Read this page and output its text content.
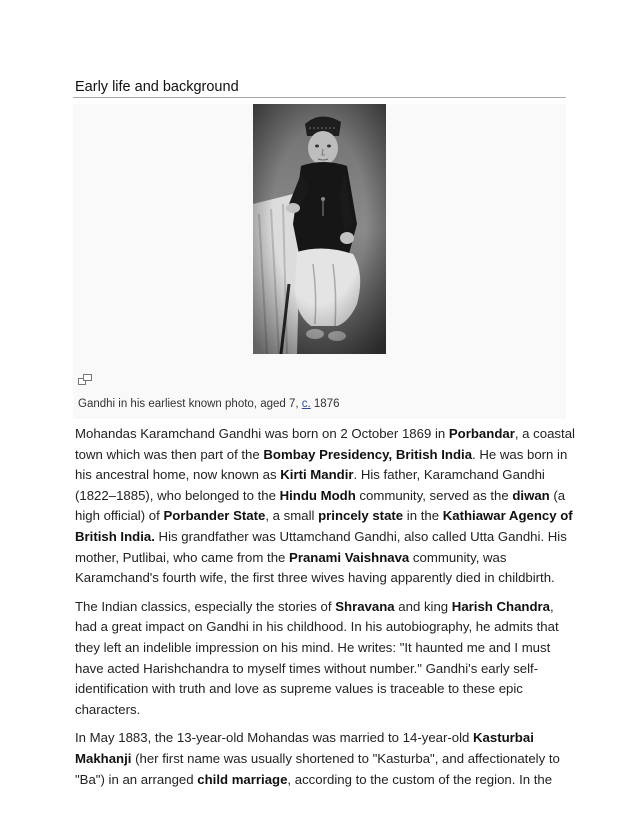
Early life and background
Gandhi in his earliest known photo, aged 7, c. 1876

Mohandas Karamchand Gandhi was born on 2 October 1869 in Porbandar, a coastal town which was then part of the Bombay Presidency, British India. He was born in his ancestral home, now known as Kirti Mandir. His father, Karamchand Gandhi (1822–1885), who belonged to the Hindu Modh community, served as the diwan (a high official) of Porbander State, a small princely state in the Kathiawar Agency of British India. His grandfather was Uttamchand Gandhi, also called Utta Gandhi. His mother, Putlibai, who came from the Pranami Vaishnava community, was Karamchand's fourth wife, the first three wives having apparently died in childbirth.

The Indian classics, especially the stories of Shravana and king Harish Chandra, had a great impact on Gandhi in his childhood. In his autobiography, he admits that they left an indelible impression on his mind. He writes: "It haunted me and I must have acted Harishchandra to myself times without number." Gandhi's early self-identification with truth and love as supreme values is traceable to these epic characters.

In May 1883, the 13-year-old Mohandas was married to 14-year-old Kasturbai Makhanji (her first name was usually shortened to "Kasturba", and affectionately to "Ba") in an arranged child marriage, according to the custom of the region. In the
